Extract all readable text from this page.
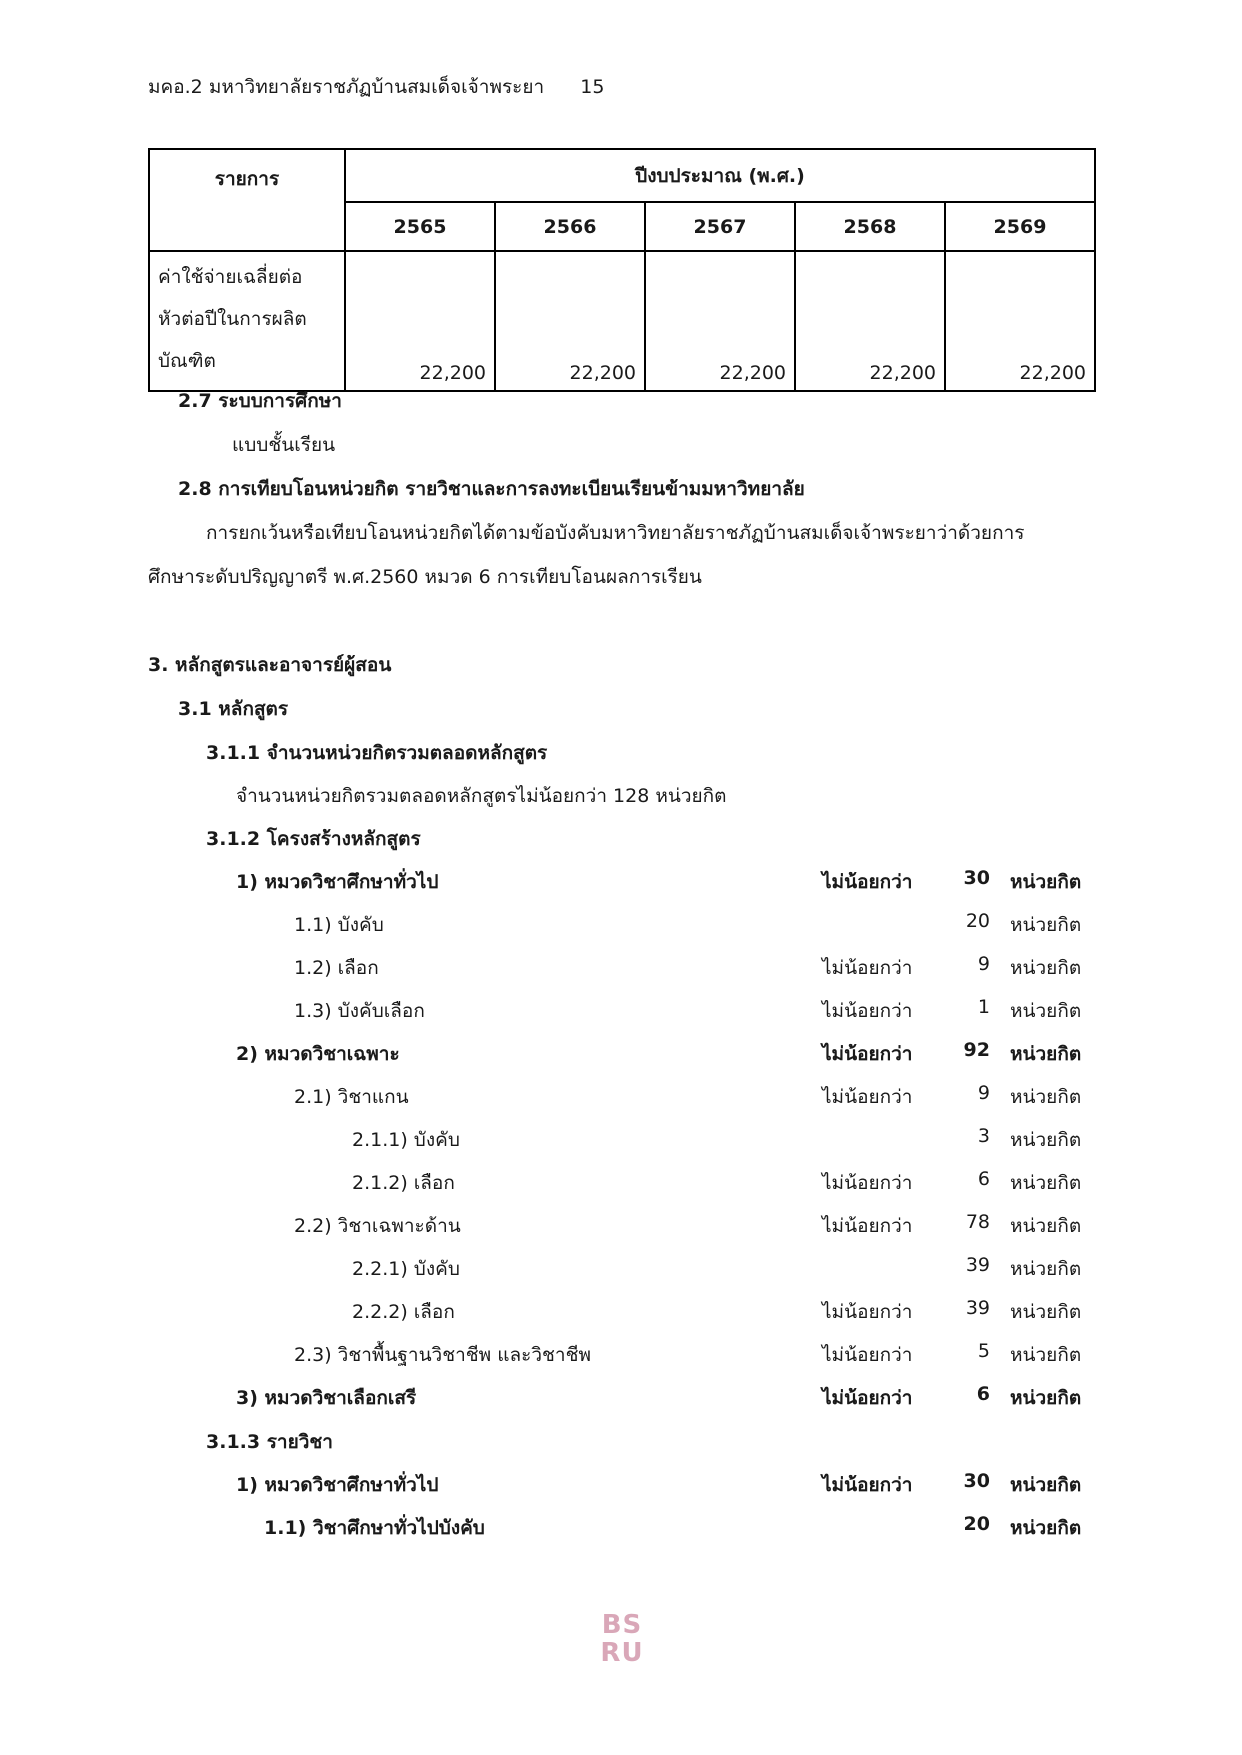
มคอ.2 มหาวิทยาลัยราชภัฏบ้านสมเด็จเจ้าพระยา 15
รายการ	ปีงบประมาณ (พ.ศ.)				
	2565	2566	2567	2568	2569

ค่าใช้จ่ายเฉลี่ยต่อ
หัวต่อปีในการผลิต
บัณฑิต	22,200	22,200	22,200	22,200	22,200
2.7 ระบบการศึกษา
แบบชั้นเรียน
2.8 การเทียบโอนหน่วยกิต รายวิชาและการลงทะเบียนเรียนข้ามมหาวิทยาลัย
การยกเว้นหรือเทียบโอนหน่วยกิตได้ตามข้อบังคับมหาวิทยาลัยราชภัฏบ้านสมเด็จเจ้าพระยาว่าด้วยการ
ศึกษาระดับปริญญาตรี พ.ศ.2560 หมวด 6 การเทียบโอนผลการเรียน
3. หลักสูตรและอาจารย์ผู้สอน
3.1 หลักสูตร
3.1.1 จำนวนหน่วยกิตรวมตลอดหลักสูตร
จำนวนหน่วยกิตรวมตลอดหลักสูตรไม่น้อยกว่า 128 หน่วยกิต
3.1.2 โครงสร้างหลักสูตร
1) หมวดวิชาศึกษาทั่วไป	ไม่น้อยกว่า	30 หน่วยกิต
1.1) บังคับ	20 หน่วยกิต
1.2) เลือก	ไม่น้อยกว่า	9 หน่วยกิต
1.3) บังคับเลือก	ไม่น้อยกว่า	1 หน่วยกิต
2) หมวดวิชาเฉพาะ	ไม่น้อยกว่า	92 หน่วยกิต
2.1) วิชาแกน	ไม่น้อยกว่า	9 หน่วยกิต
2.1.1) บังคับ	3 หน่วยกิต
2.1.2) เลือก	ไม่น้อยกว่า	6 หน่วยกิต
2.2) วิชาเฉพาะด้าน	ไม่น้อยกว่า	78 หน่วยกิต
2.2.1) บังคับ	39 หน่วยกิต
2.2.2) เลือก	ไม่น้อยกว่า	39 หน่วยกิต
2.3) วิชาพื้นฐานวิชาชีพ และวิชาชีพ	ไม่น้อยกว่า	5 หน่วยกิต
3) หมวดวิชาเลือกเสรี	ไม่น้อยกว่า	6 หน่วยกิต
3.1.3 รายวิชา
1) หมวดวิชาศึกษาทั่วไป	ไม่น้อยกว่า	30 หน่วยกิต
1.1) วิชาศึกษาทั่วไปบังคับ	20 หน่วยกิต
BS
RU
